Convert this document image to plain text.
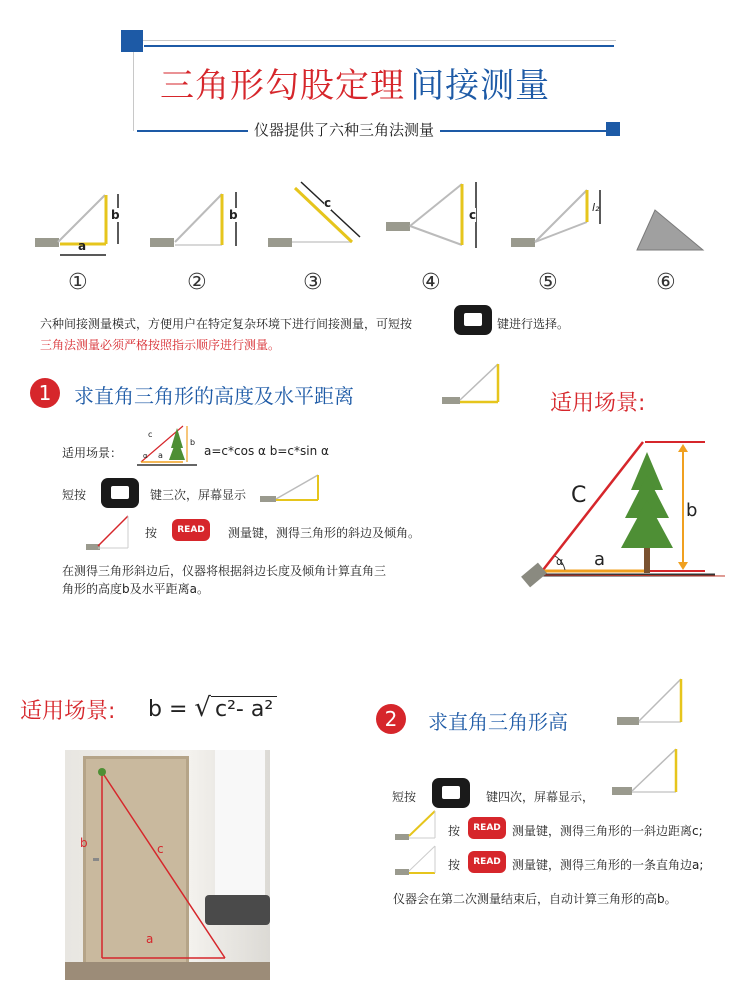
三角形勾股定理 间接测量
仪器提供了六种三角法测量
a
b	b
c
c
l₂
①	②	③	④	⑤	⑥
六种间接测量模式，方便用户在特定复杂环境下进行间接测量，可短按	键进行选择。
三角法测量必须严格按照指示顺序进行测量。
1	求直角三角形的高度及水平距离
适用场景：
c
b
a
α	a=c*cos α b=c*sin α
短按	键三次，屏幕显示
按	READ	测量键，测得三角形的斜边及倾角。
在测得三角形斜边后，仪器将根据斜边长度及倾角计算直角三
角形的高度b及水平距离a。
适用场景:
C
b
a
α
适用场景: b = √ c²- a²
b	c
a
2	求直角三角形高
短按	键四次，屏幕显示，
按	READ 测量键，测得三角形的一斜边距离c;
按	READ 测量键，测得三角形的一条直角边a;
仪器会在第二次测量结束后，自动计算三角形的高b。
